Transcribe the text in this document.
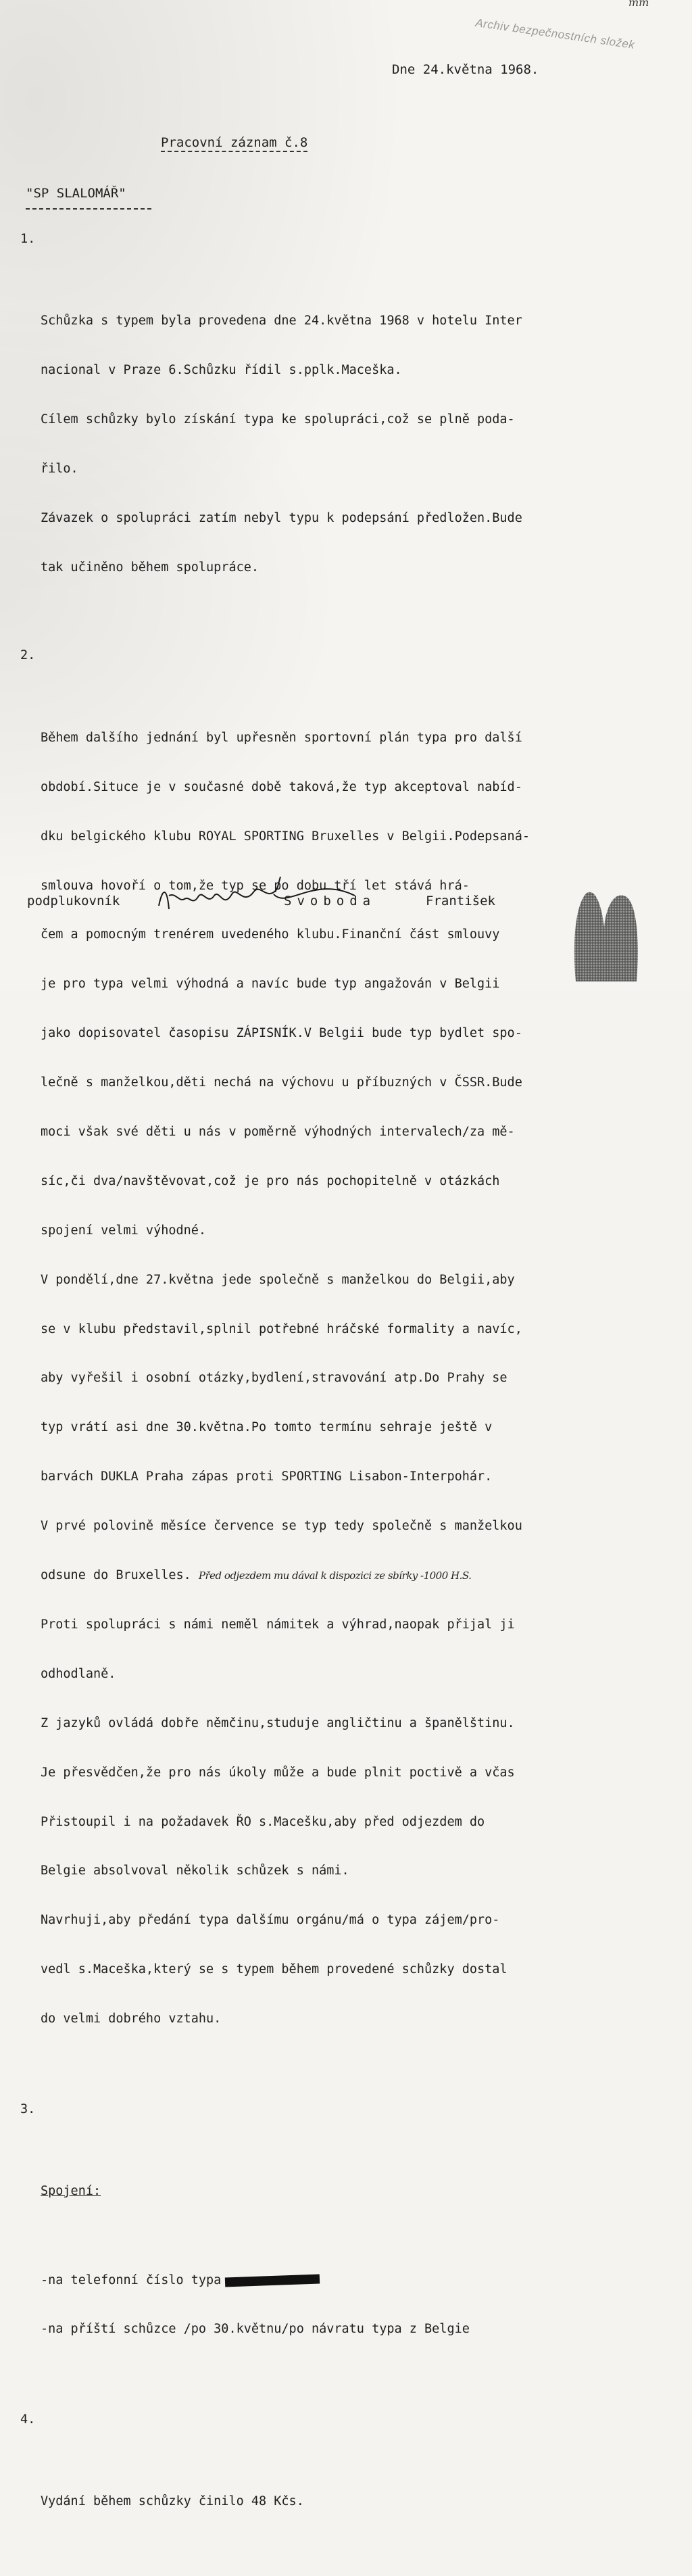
mm
Archiv bezpečnostních složek
Dne 24.května 1968.
Pracovní záznam č.8
"SP SLALOMÁŘ"

1.

Schůzka s typem byla provedena dne 24.května 1968 v hotelu Inter

nacional v Praze 6.Schůzku řídil s.pplk.Maceška.

Cílem schůzky bylo získání typa ke spolupráci,což se plně poda-

řilo.

Závazek o spolupráci zatím nebyl typu k podepsání předložen.Bude

tak učiněno během spolupráce.

2.

Během dalšího jednání byl upřesněn sportovní plán typa pro další

období.Situce je v současné době taková,že typ akceptoval nabíd-

dku belgického klubu ROYAL SPORTING Bruxelles v Belgii.Podepsaná-

smlouva hovoří o tom,že typ se po dobu tří let stává hrá-

čem a pomocným trenérem uvedeného klubu.Finanční část smlouvy

je pro typa velmi výhodná a navíc bude typ angažován v Belgii

jako dopisovatel časopisu ZÁPISNÍK.V Belgii bude typ bydlet spo-

lečně s manželkou,děti nechá na výchovu u příbuzných v ČSSR.Bude

moci však své děti u nás v poměrně výhodných intervalech/za mě-

síc,či dva/navštěvovat,což je pro nás pochopitelně v otázkách

spojení velmi výhodné.

V pondělí,dne 27.května jede společně s manželkou do Belgii,aby

se v klubu představil,splnil potřebné hráčské formality a navíc,

aby vyřešil i osobní otázky,bydlení,stravování atp.Do Prahy se

typ vrátí asi dne 30.května.Po tomto termínu sehraje ještě v

barvách DUKLA Praha zápas proti SPORTING Lisabon-Interpohár.

V prvé polovině měsíce července se typ tedy společně s manželkou

odsune do Bruxelles. Před odjezdem mu dával k dispozici ze sbírky -1000 H.S.

Proti spolupráci s námi neměl námitek a výhrad,naopak přijal ji

odhodlaně.

Z jazyků ovládá dobře němčinu,studuje angličtinu a španělštinu.

Je přesvědčen,že pro nás úkoly může a bude plnit poctivě a včas

Přistoupil i na požadavek ŘO s.Macešku,aby před odjezdem do

Belgie absolvoval několik schůzek s námi.

Navrhuji,aby předání typa dalšímu orgánu/má o typa zájem/pro-

vedl s.Maceška,který se s typem během provedené schůzky dostal

do velmi dobrého vztahu.

3.

Spojení:

-na telefonní číslo typa

-na příští schůzce /po 30.květnu/po návratu typa z Belgie

4.

Vydání během schůzky činilo 48 Kčs.

podplukovník	Svoboda	František
